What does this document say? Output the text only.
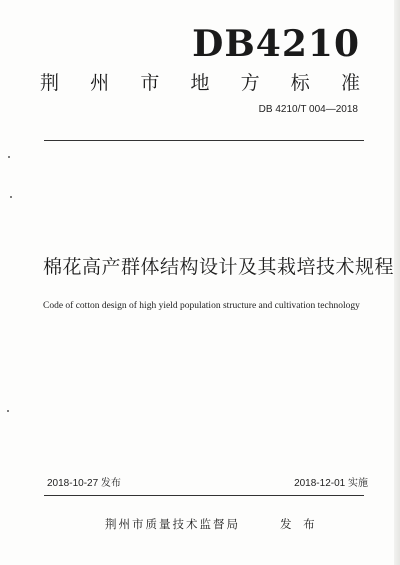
DB4210
荆 州 市 地 方 标 准
DB 4210/T 004—2018
棉花高产群体结构设计及其栽培技术规程
Code of cotton design of high yield population structure and cultivation technology
2018-10-27 发布	2018-12-01 实施
荆州市质量技术监督局	发 布
